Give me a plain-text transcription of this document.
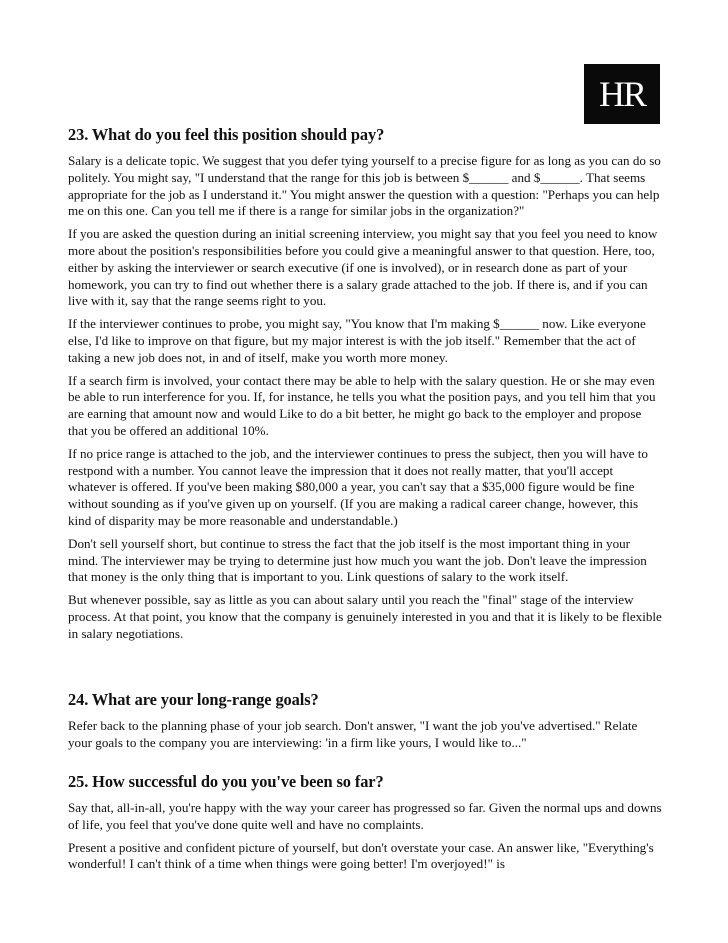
HR
23. What do you feel this position should pay?

Salary is a delicate topic. We suggest that you defer tying yourself to a precise figure for as long as you can do so politely. You might say, "I understand that the range for this job is between $______ and $______. That seems appropriate for the job as I understand it." You might answer the question with a question: "Perhaps you can help me on this one. Can you tell me if there is a range for similar jobs in the organization?"

If you are asked the question during an initial screening interview, you might say that you feel you need to know more about the position's responsibilities before you could give a meaningful answer to that question. Here, too, either by asking the interviewer or search executive (if one is involved), or in research done as part of your homework, you can try to find out whether there is a salary grade attached to the job. If there is, and if you can live with it, say that the range seems right to you.

If the interviewer continues to probe, you might say, "You know that I'm making $______ now. Like everyone else, I'd like to improve on that figure, but my major interest is with the job itself." Remember that the act of taking a new job does not, in and of itself, make you worth more money.

If a search firm is involved, your contact there may be able to help with the salary question. He or she may even be able to run interference for you. If, for instance, he tells you what the position pays, and you tell him that you are earning that amount now and would Like to do a bit better, he might go back to the employer and propose that you be offered an additional 10%.

If no price range is attached to the job, and the interviewer continues to press the subject, then you will have to restpond with a number. You cannot leave the impression that it does not really matter, that you'll accept whatever is offered. If you've been making $80,000 a year, you can't say that a $35,000 figure would be fine without sounding as if you've given up on yourself. (If you are making a radical career change, however, this kind of disparity may be more reasonable and understandable.)

Don't sell yourself short, but continue to stress the fact that the job itself is the most important thing in your mind. The interviewer may be trying to determine just how much you want the job. Don't leave the impression that money is the only thing that is important to you. Link questions of salary to the work itself.

But whenever possible, say as little as you can about salary until you reach the "final" stage of the interview process. At that point, you know that the company is genuinely interested in you and that it is likely to be flexible in salary negotiations.

24. What are your long-range goals?

Refer back to the planning phase of your job search. Don't answer, "I want the job you've advertised." Relate your goals to the company you are interviewing: 'in a firm like yours, I would like to..."

25. How successful do you you've been so far?

Say that, all-in-all, you're happy with the way your career has progressed so far. Given the normal ups and downs of life, you feel that you've done quite well and have no complaints.

Present a positive and confident picture of yourself, but don't overstate your case. An answer like, "Everything's wonderful! I can't think of a time when things were going better! I'm overjoyed!" is
